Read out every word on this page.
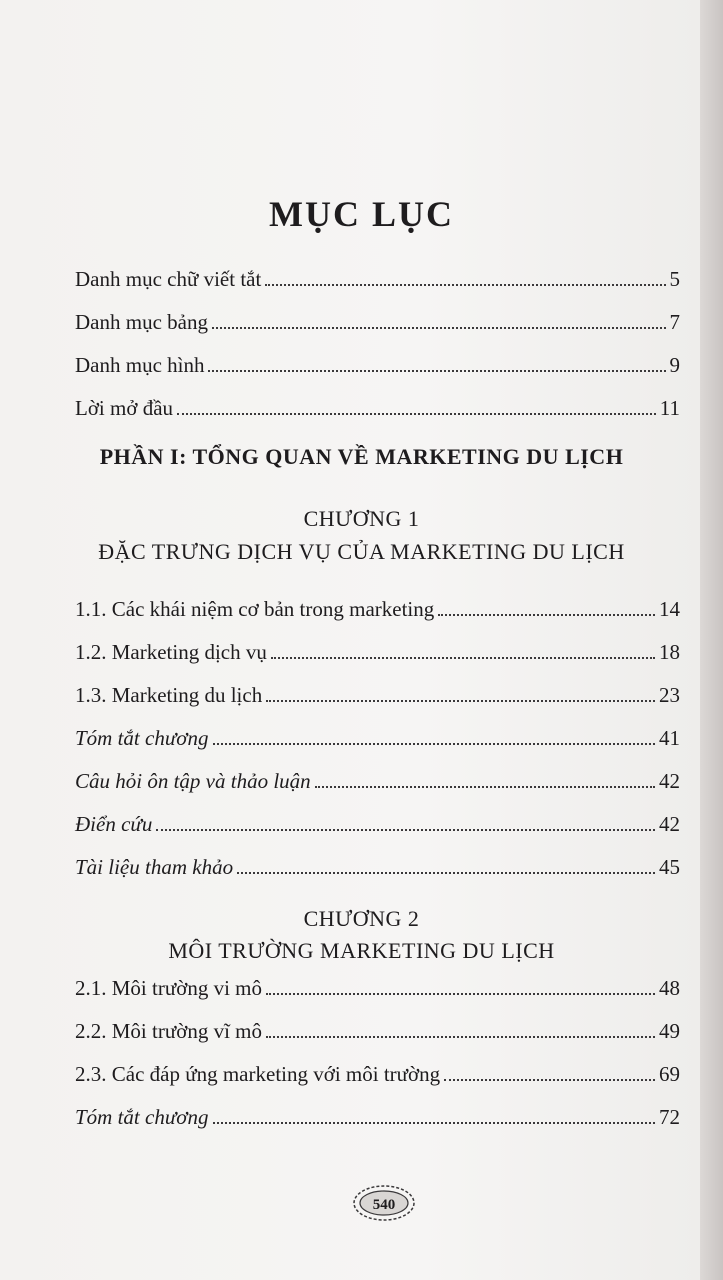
MỤC LỤC
Danh mục chữ viết tắt	5
Danh mục bảng	7
Danh mục hình	9
Lời mở đầu	11
PHẦN I: TỔNG QUAN VỀ MARKETING DU LỊCH
CHƯƠNG 1
ĐẶC TRƯNG DỊCH VỤ CỦA MARKETING DU LỊCH
1.1. Các khái niệm cơ bản trong marketing	14
1.2. Marketing dịch vụ	18
1.3. Marketing du lịch	23
Tóm tắt chương	41
Câu hỏi ôn tập và thảo luận	42
Điển cứu	42
Tài liệu tham khảo	45
CHƯƠNG 2
MÔI TRƯỜNG MARKETING DU LỊCH
2.1. Môi trường vi mô	48
2.2. Môi trường vĩ mô	49
2.3. Các đáp ứng marketing với môi trường	69
Tóm tắt chương	72
540
